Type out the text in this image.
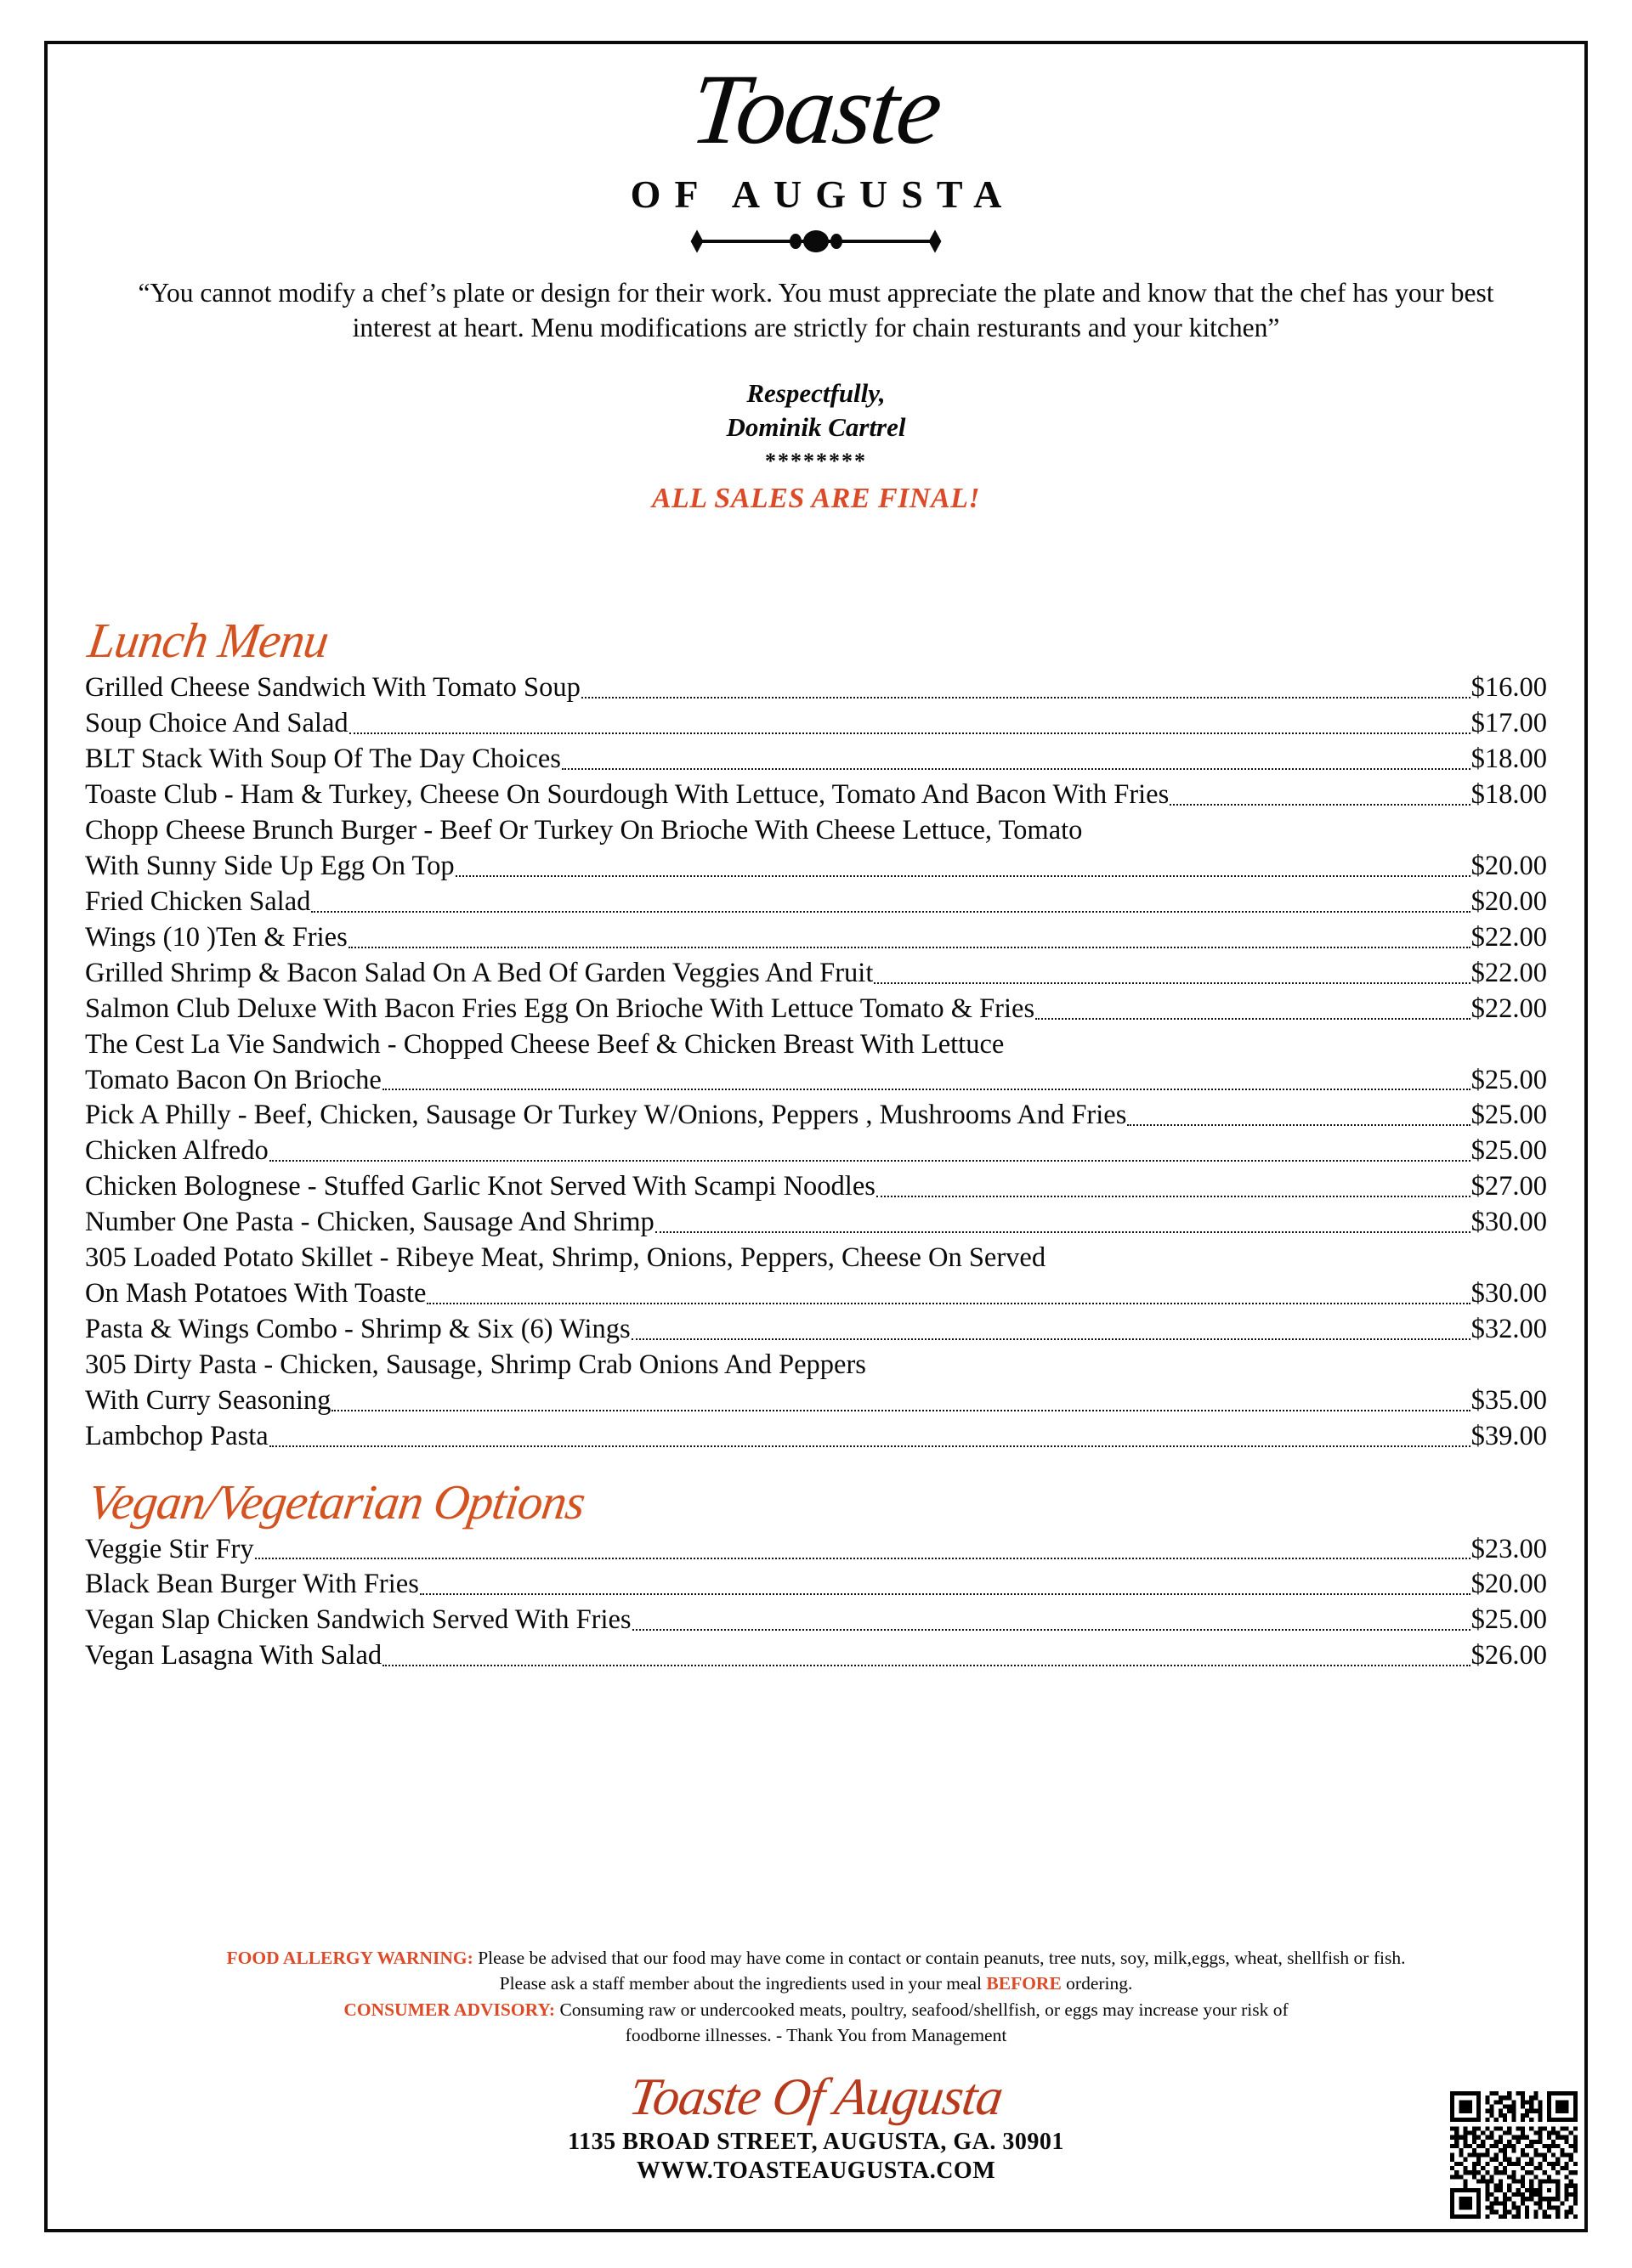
Toaste
OF AUGUSTA
“You cannot modify a chef’s plate or design for their work. You must appreciate the plate and know that the chef has your best interest at heart. Menu modifications are strictly for chain resturants and your kitchen”
Respectfully,
Dominik Cartrel
********
ALL SALES ARE FINAL!
Lunch Menu
Grilled Cheese Sandwich With Tomato Soup	$16.00
Soup Choice And Salad	$17.00
BLT Stack With Soup Of The Day Choices	$18.00
Toaste Club - Ham & Turkey, Cheese On Sourdough With Lettuce, Tomato And Bacon With Fries	$18.00
Chopp Cheese Brunch Burger - Beef Or Turkey On Brioche With Cheese Lettuce, Tomato
With Sunny Side Up Egg On Top	$20.00
Fried Chicken Salad	$20.00
Wings (10 )Ten & Fries	$22.00
Grilled Shrimp & Bacon Salad On A Bed Of Garden Veggies And Fruit	$22.00
Salmon Club Deluxe With Bacon Fries Egg On Brioche With Lettuce Tomato & Fries	$22.00
The Cest La Vie Sandwich - Chopped Cheese Beef & Chicken Breast With Lettuce
Tomato Bacon On Brioche	$25.00
Pick A Philly - Beef, Chicken, Sausage Or Turkey W/Onions, Peppers , Mushrooms And Fries	$25.00
Chicken Alfredo	$25.00
Chicken Bolognese - Stuffed Garlic Knot Served With Scampi Noodles	$27.00
Number One Pasta - Chicken, Sausage And Shrimp	$30.00
305 Loaded Potato Skillet - Ribeye Meat, Shrimp, Onions, Peppers, Cheese On Served
On Mash Potatoes With Toaste	$30.00
Pasta & Wings Combo - Shrimp & Six (6) Wings	$32.00
305 Dirty Pasta - Chicken, Sausage, Shrimp Crab Onions And Peppers
With Curry Seasoning	$35.00
Lambchop Pasta	$39.00
Vegan/Vegetarian Options
Veggie Stir Fry	$23.00
Black Bean Burger With Fries	$20.00
Vegan Slap Chicken Sandwich Served With Fries	$25.00
Vegan Lasagna With Salad	$26.00

FOOD ALLERGY WARNING: Please be advised that our food may have come in contact or contain peanuts, tree nuts, soy, milk,eggs, wheat, shellfish or fish.

Please ask a staff member about the ingredients used in your meal BEFORE ordering.

CONSUMER ADVISORY: Consuming raw or undercooked meats, poultry, seafood/shellfish, or eggs may increase your risk of

foodborne illnesses. - Thank You from Management

Toaste Of Augusta
1135 BROAD STREET, AUGUSTA, GA. 30901
WWW.TOASTEAUGUSTA.COM
